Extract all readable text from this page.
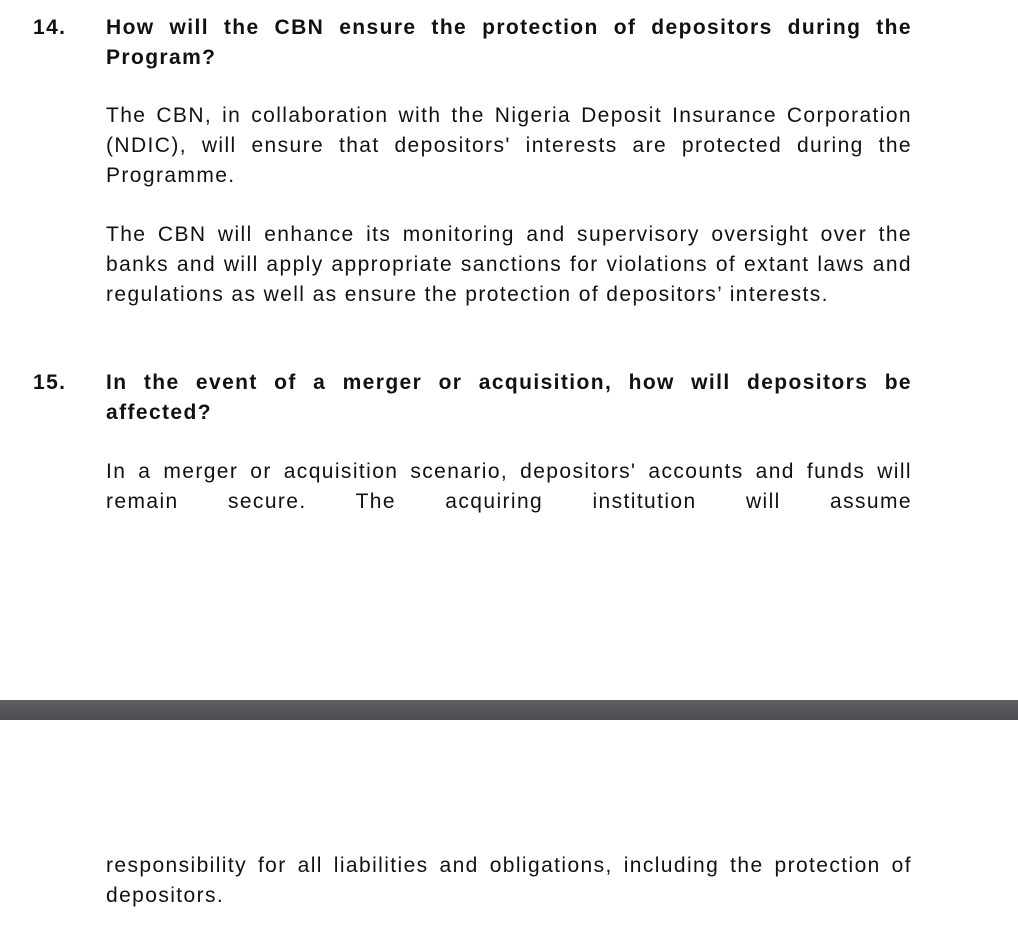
14. How will the CBN ensure the protection of depositors during the Program?

The CBN, in collaboration with the Nigeria Deposit Insurance Corporation (NDIC), will ensure that depositors' interests are protected during the Programme.

The CBN will enhance its monitoring and supervisory oversight over the banks and will apply appropriate sanctions for violations of extant laws and regulations as well as ensure the protection of depositors’ interests.

15. In the event of a merger or acquisition, how will depositors be affected?

In a merger or acquisition scenario, depositors' accounts and funds will remain secure. The acquiring institution will assume

responsibility for all liabilities and obligations, including the protection of depositors.
